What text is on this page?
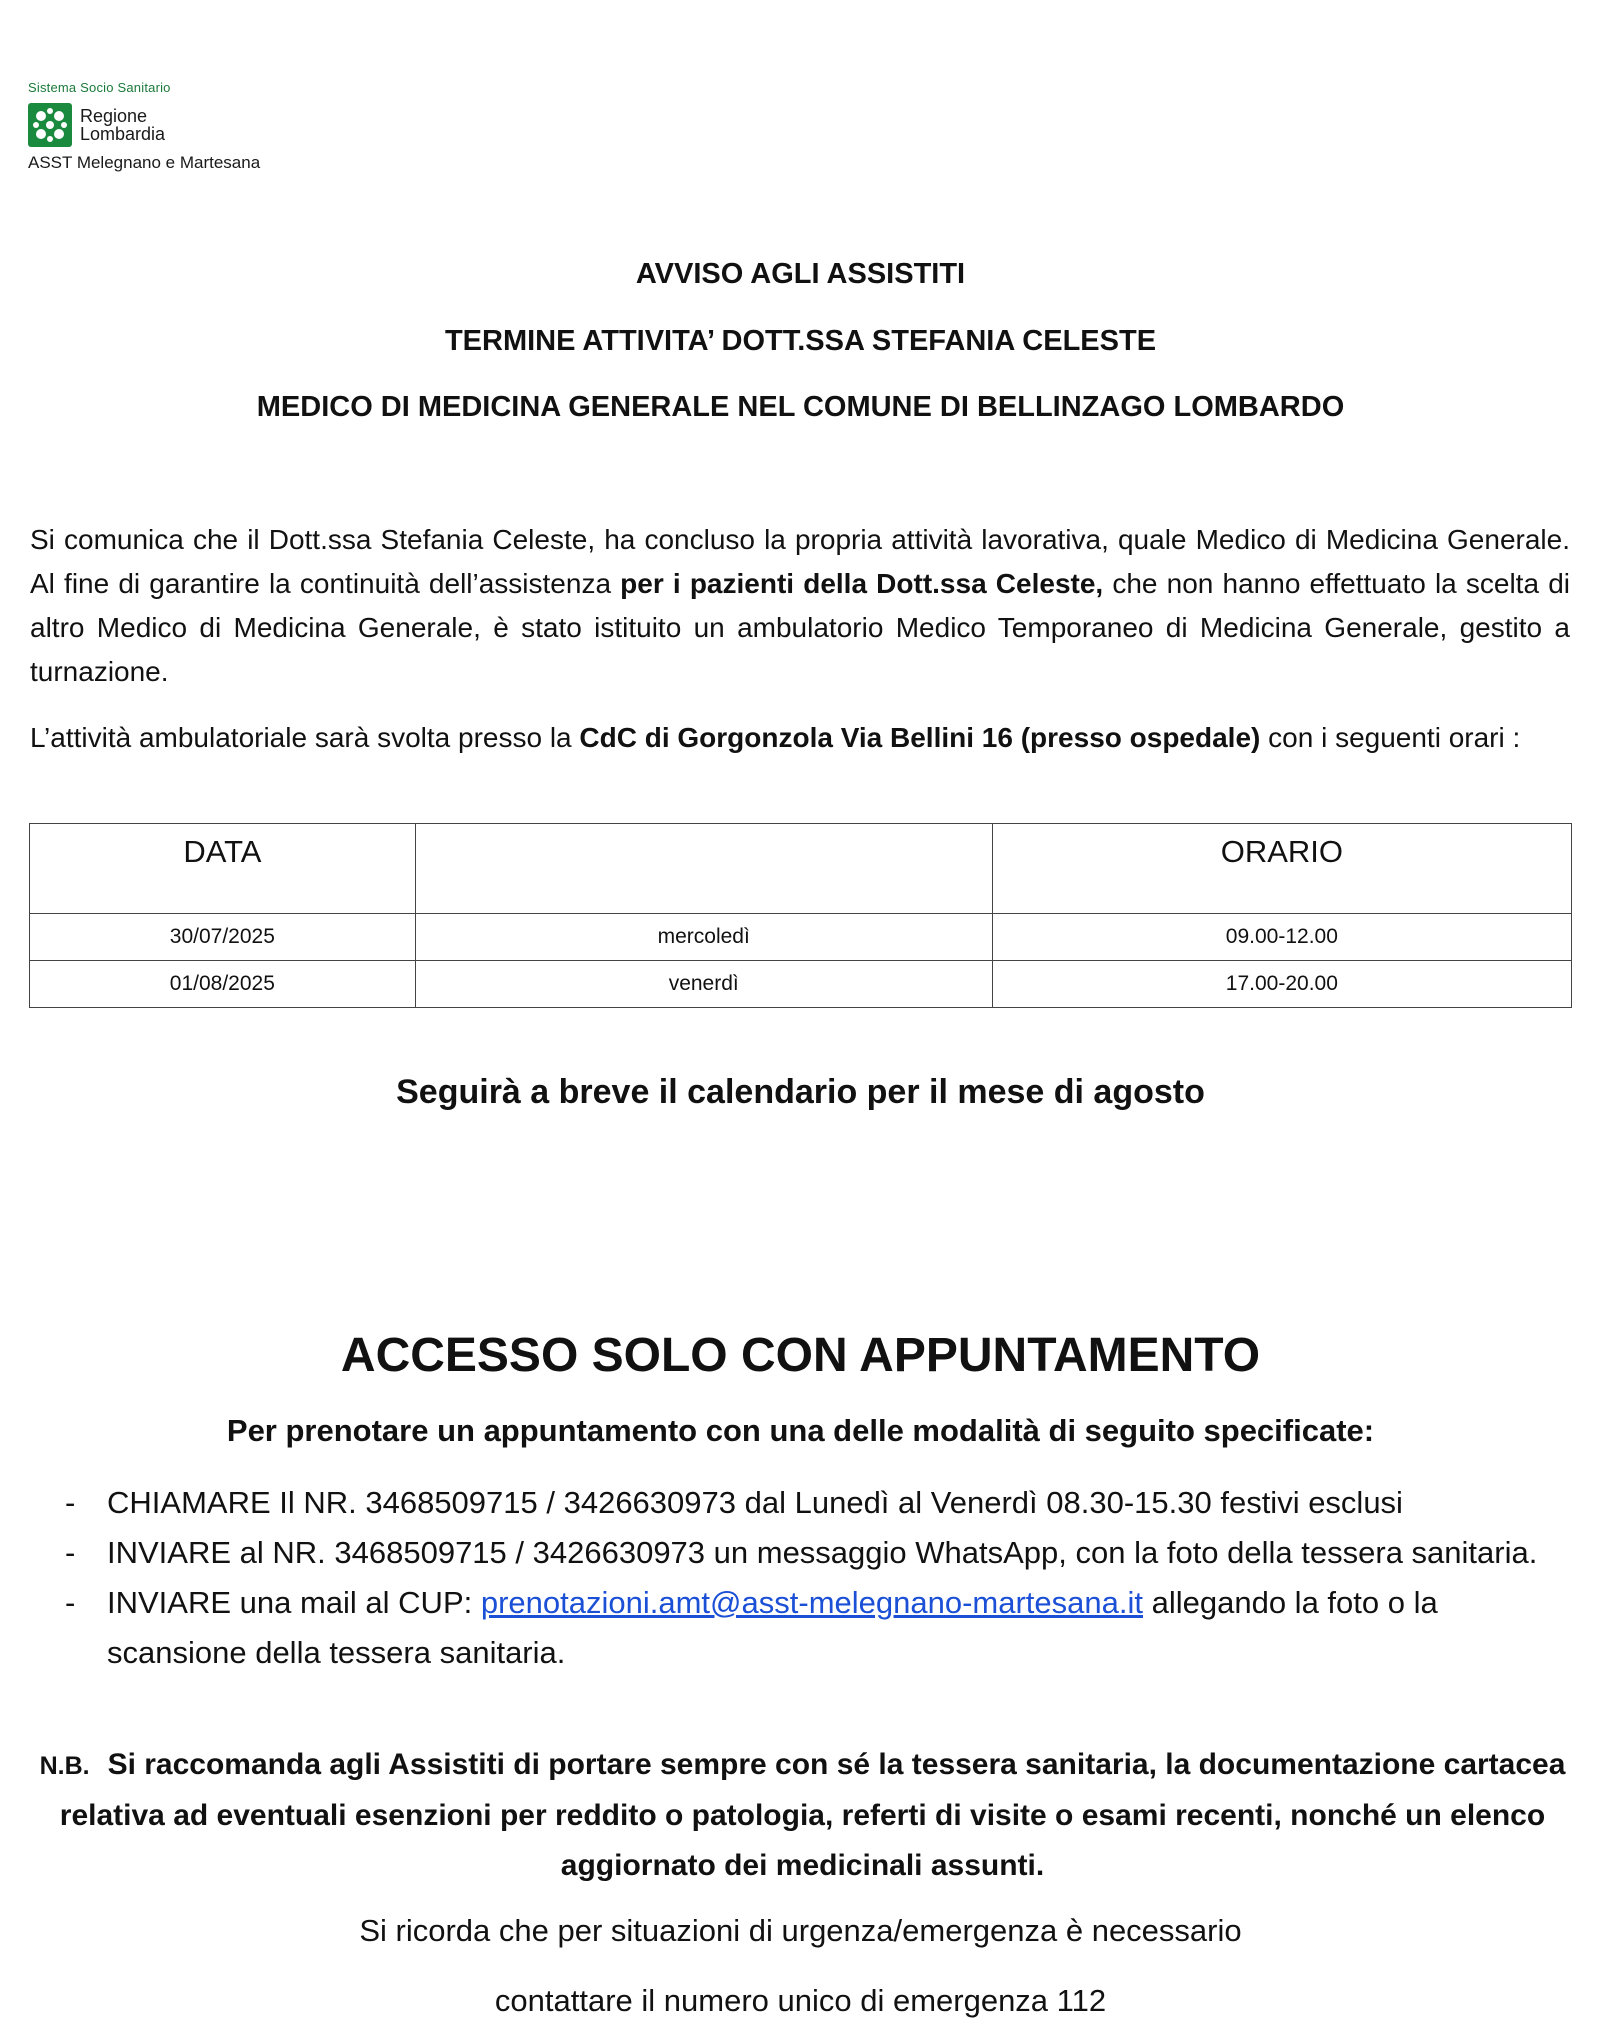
Sistema Socio Sanitario
Regione
Lombardia
ASST Melegnano e Martesana
AVVISO AGLI ASSISTITI
TERMINE ATTIVITA’ DOTT.SSA STEFANIA CELESTE
MEDICO DI MEDICINA GENERALE NEL COMUNE DI BELLINZAGO LOMBARDO
Si comunica che il Dott.ssa Stefania Celeste, ha concluso la propria attività lavorativa, quale Medico di Medicina Generale. Al fine di garantire la continuità dell’assistenza per i pazienti della Dott.ssa Celeste, che non hanno effettuato la scelta di altro Medico di Medicina Generale, è stato istituito un ambulatorio Medico Temporaneo di Medicina Generale, gestito a turnazione.
L’attività ambulatoriale sarà svolta presso la CdC di Gorgonzola Via Bellini 16 (presso ospedale) con i seguenti orari :
DATA		ORARIO
30/07/2025	mercoledì	09.00-12.00
01/08/2025	venerdì	17.00-20.00
Seguirà a breve il calendario per il mese di agosto
ACCESSO SOLO CON APPUNTAMENTO
Per prenotare un appuntamento con una delle modalità di seguito specificate:
- CHIAMARE Il NR. 3468509715 / 3426630973 dal Lunedì al Venerdì 08.30-15.30 festivi esclusi
- INVIARE al NR. 3468509715 / 3426630973 un messaggio WhatsApp, con la foto della tessera sanitaria.
- INVIARE una mail al CUP: prenotazioni.amt@asst-melegnano-martesana.it allegando la foto o la scansione della tessera sanitaria.
N.B. Si raccomanda agli Assistiti di portare sempre con sé la tessera sanitaria, la documentazione cartacea relativa ad eventuali esenzioni per reddito o patologia, referti di visite o esami recenti, nonché un elenco aggiornato dei medicinali assunti.
Si ricorda che per situazioni di urgenza/emergenza è necessario
contattare il numero unico di emergenza 112
